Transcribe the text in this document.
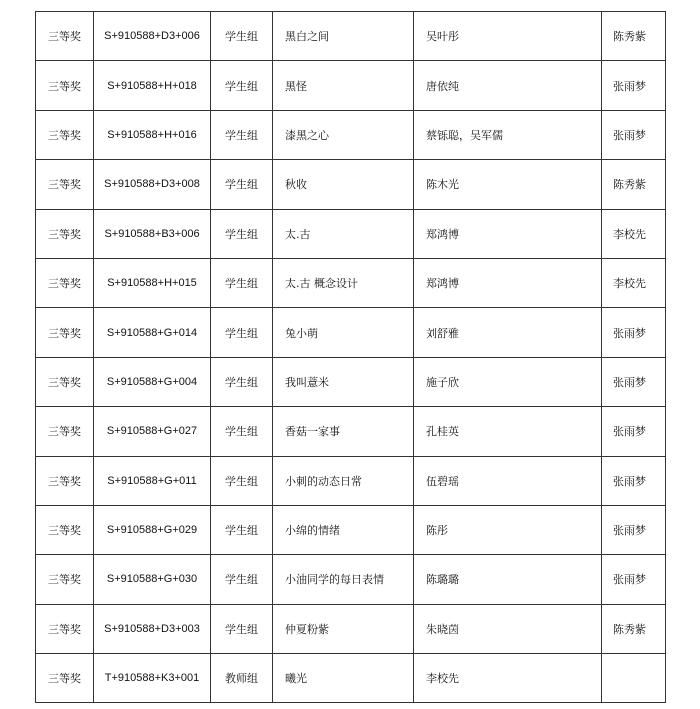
三等奖	S+910588+D3+006	学生组	黑白之间	吴叶彤	陈秀紫
三等奖	S+910588+H+018	学生组	黑怪	唐依纯	张雨梦
三等奖	S+910588+H+016	学生组	漆黑之心	蔡铄聪，吴军儒	张雨梦
三等奖	S+910588+D3+008	学生组	秋收	陈木光	陈秀紫
三等奖	S+910588+B3+006	学生组	太.古	郑鸿博	李校先
三等奖	S+910588+H+015	学生组	太.古 概念设计	郑鸿博	李校先
三等奖	S+910588+G+014	学生组	兔小萌	刘舒雅	张雨梦
三等奖	S+910588+G+004	学生组	我叫薏米	施子欣	张雨梦
三等奖	S+910588+G+027	学生组	香菇一家事	孔桂英	张雨梦
三等奖	S+910588+G+011	学生组	小刺的动态日常	伍碧瑶	张雨梦
三等奖	S+910588+G+029	学生组	小绵的情绪	陈彤	张雨梦
三等奖	S+910588+G+030	学生组	小油同学的每日表情	陈璐璐	张雨梦
三等奖	S+910588+D3+003	学生组	仲夏粉紫	朱晓茵	陈秀紫
三等奖	T+910588+K3+001	教师组	曦光	李校先	
